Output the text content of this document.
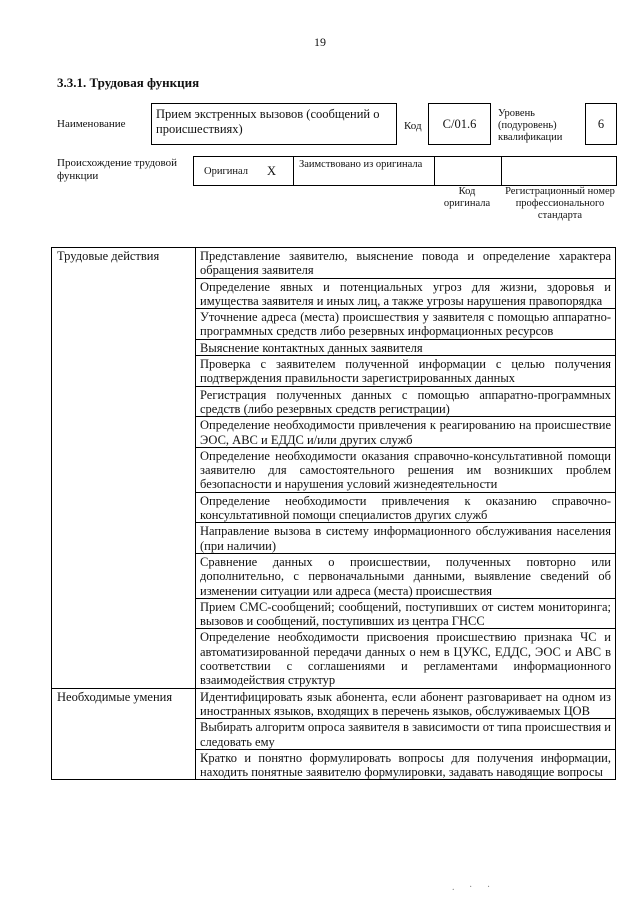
19
3.3.1. Трудовая функция
Наименование
Прием экстренных вызовов (сообщений о происшествиях)	Код	C/01.6
Уровень (подуровень) квалификации
6
Происхождение трудовой функции	Оригинал X Заимствовано из оригинала
Код оригинала
Регистрационный номер профессионального стандарта
Трудовые действия	Представление заявителю, выяснение повода и определение характера обращения заявителя
	Определение явных и потенциальных угроз для жизни, здоровья и имущества заявителя и иных лиц, а также угрозы нарушения правопорядка
	Уточнение адреса (места) происшествия у заявителя с помощью аппаратно-программных средств либо резервных информационных ресурсов
	Выяснение контактных данных заявителя
	Проверка с заявителем полученной информации с целью получения подтверждения правильности зарегистрированных данных
	Регистрация полученных данных с помощью аппаратно-программных средств (либо резервных средств регистрации)
	Определение необходимости привлечения к реагированию на происшествие ЭОС, АВС и ЕДДС и/или других служб
	Определение необходимости оказания справочно-консультативной помощи заявителю для самостоятельного решения им возникших проблем безопасности и нарушения условий жизнедеятельности
	Определение необходимости привлечения к оказанию справочно-консультативной помощи специалистов других служб
	Направление вызова в систему информационного обслуживания населения (при наличии)
	Сравнение данных о происшествии, полученных повторно или дополнительно, с первоначальными данными, выявление сведений об изменении ситуации или адреса (места) происшествия
	Прием СМС-сообщений; сообщений, поступивших от систем мониторинга; вызовов и сообщений, поступивших из центра ГНСС
	Определение необходимости присвоения происшествию признака ЧС и автоматизированной передачи данных о нем в ЦУКС, ЕДДС, ЭОС и АВС в соответствии с соглашениями и регламентами информационного взаимодействия структур
Необходимые умения	Идентифицировать язык абонента, если абонент разговаривает на одном из иностранных языков, входящих в перечень языков, обслуживаемых ЦОВ
	Выбирать алгоритм опроса заявителя в зависимости от типа происшествия и следовать ему
	Кратко и понятно формулировать вопросы для получения информации, находить понятные заявителю формулировки, задавать наводящие вопросы
. · ·
